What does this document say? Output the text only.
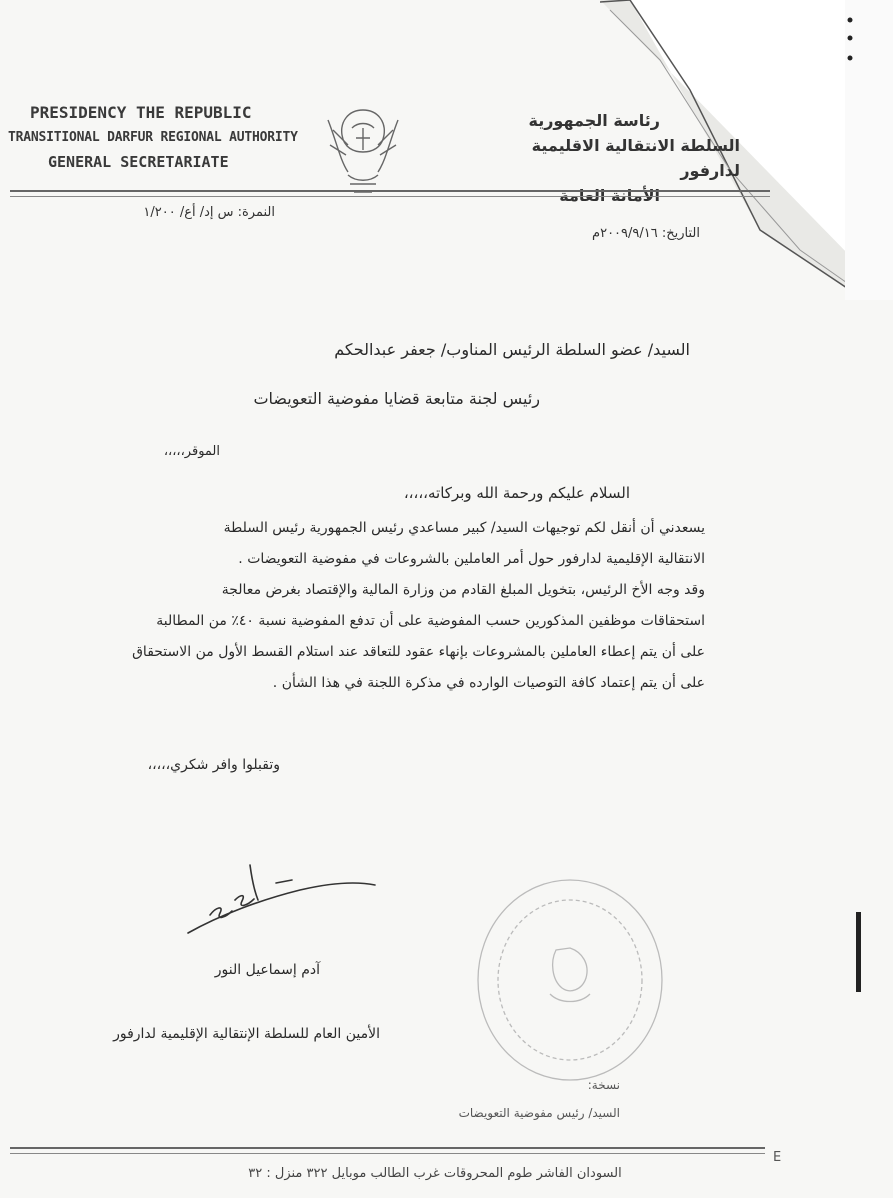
PRESIDENCY THE REPUBLIC
TRANSITIONAL DARFUR REGIONAL AUTHORITY
GENERAL SECRETARIATE
رئاسة الجمهورية
السلطة الانتقالية الاقليمية لدارفور
الأمانة العامة
النمرة: س إد/ أع/ ١/٢٠٠
التاريخ: ٢٠٠٩/٩/١٦م
السيد/ عضو السلطة الرئيس المناوب/ جعفر عبدالحكم
رئيس لجنة متابعة قضايا مفوضية التعويضات
الموقر،،،،،
السلام عليكم ورحمة الله وبركاته،،،،،
يسعدني أن أنقل لكم توجيهات السيد/ كبير مساعدي رئيس الجمهورية رئيس السلطة
الانتقالية الإقليمية لدارفور حول أمر العاملين بالشروعات في مفوضية التعويضات .
وقد وجه الأخ الرئيس، بتخويل المبلغ القادم من وزارة المالية والإقتصاد بغرض معالجة
استحقاقات موظفين المذكورين حسب المفوضية على أن تدفع المفوضية نسبة ٤٠٪ من المطالبة
على أن يتم إعطاء العاملين بالمشروعات بإنهاء عقود للتعاقد عند استلام القسط الأول من الاستحقاق
على أن يتم إعتماد كافة التوصيات الوارده في مذكرة اللجنة في هذا الشأن .
وتقبلوا وافر شكري،،،،،
آدم إسماعيل النور
الأمين العام للسلطة الإنتقالية الإقليمية لدارفور
نسخة:
السيد/ رئيس مفوضية التعويضات
E
السودان الفاشر طوم المحروقات غرب الطالب موبايل ٣٢٢ منزل : ٣٢
